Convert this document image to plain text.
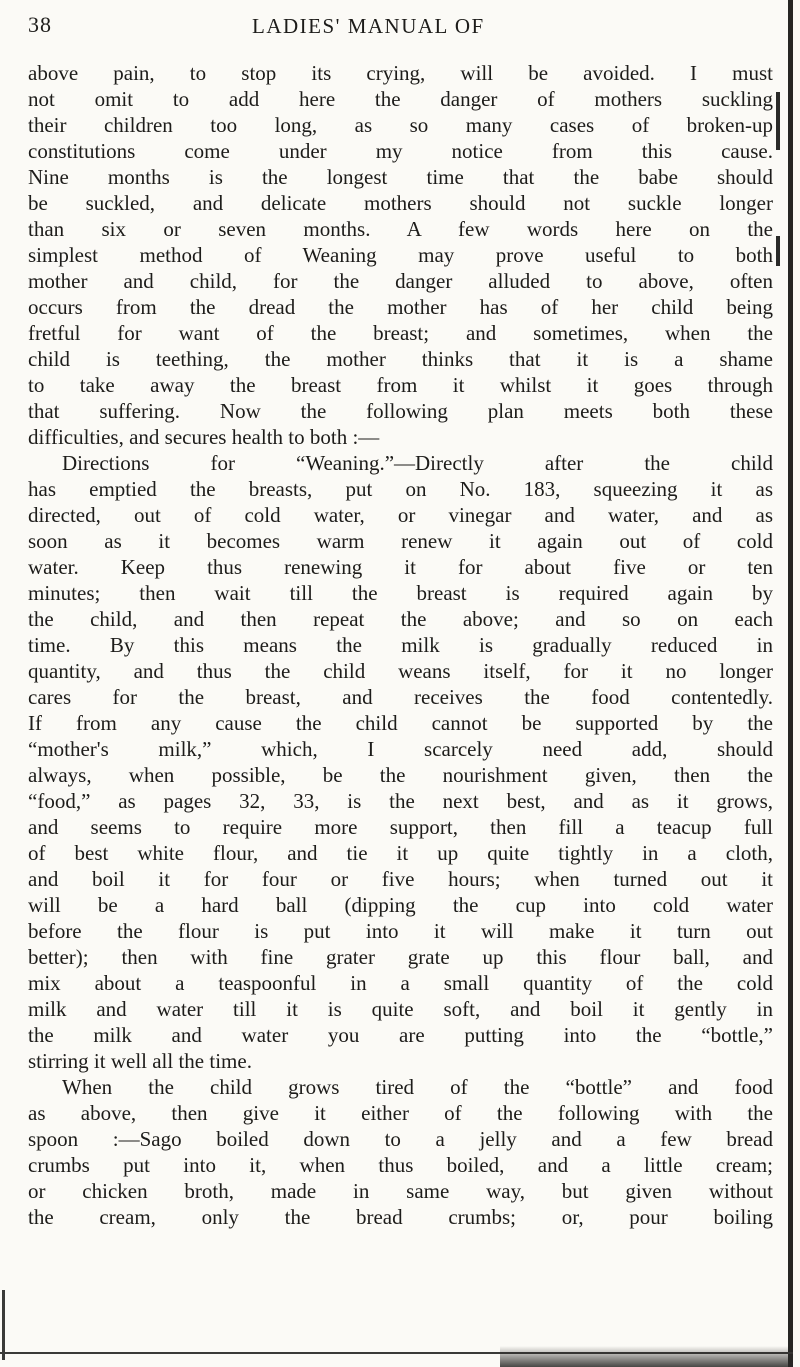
38	LADIES' MANUAL OF
above pain, to stop its crying, will be avoided. I must
not omit to add here the danger of mothers suckling
their children too long, as so many cases of broken-up
constitutions come under my notice from this cause.
Nine months is the longest time that the babe should
be suckled, and delicate mothers should not suckle longer
than six or seven months. A few words here on the
simplest method of Weaning may prove useful to both
mother and child, for the danger alluded to above, often
occurs from the dread the mother has of her child being
fretful for want of the breast; and sometimes, when the
child is teething, the mother thinks that it is a shame
to take away the breast from it whilst it goes through
that suffering. Now the following plan meets both these
difficulties, and secures health to both :—
Directions for “Weaning.”—Directly after the child
has emptied the breasts, put on No. 183, squeezing it as
directed, out of cold water, or vinegar and water, and as
soon as it becomes warm renew it again out of cold
water. Keep thus renewing it for about five or ten
minutes; then wait till the breast is required again by
the child, and then repeat the above; and so on each
time. By this means the milk is gradually reduced in
quantity, and thus the child weans itself, for it no longer
cares for the breast, and receives the food contentedly.
If from any cause the child cannot be supported by the
“mother's milk,” which, I scarcely need add, should
always, when possible, be the nourishment given, then the
“food,” as pages 32, 33, is the next best, and as it grows,
and seems to require more support, then fill a teacup full
of best white flour, and tie it up quite tightly in a cloth,
and boil it for four or five hours; when turned out it
will be a hard ball (dipping the cup into cold water
before the flour is put into it will make it turn out
better); then with fine grater grate up this flour ball, and
mix about a teaspoonful in a small quantity of the cold
milk and water till it is quite soft, and boil it gently in
the milk and water you are putting into the “bottle,”
stirring it well all the time.
When the child grows tired of the “bottle” and food
as above, then give it either of the following with the
spoon :—Sago boiled down to a jelly and a few bread
crumbs put into it, when thus boiled, and a little cream;
or chicken broth, made in same way, but given without
the cream, only the bread crumbs; or, pour boiling
